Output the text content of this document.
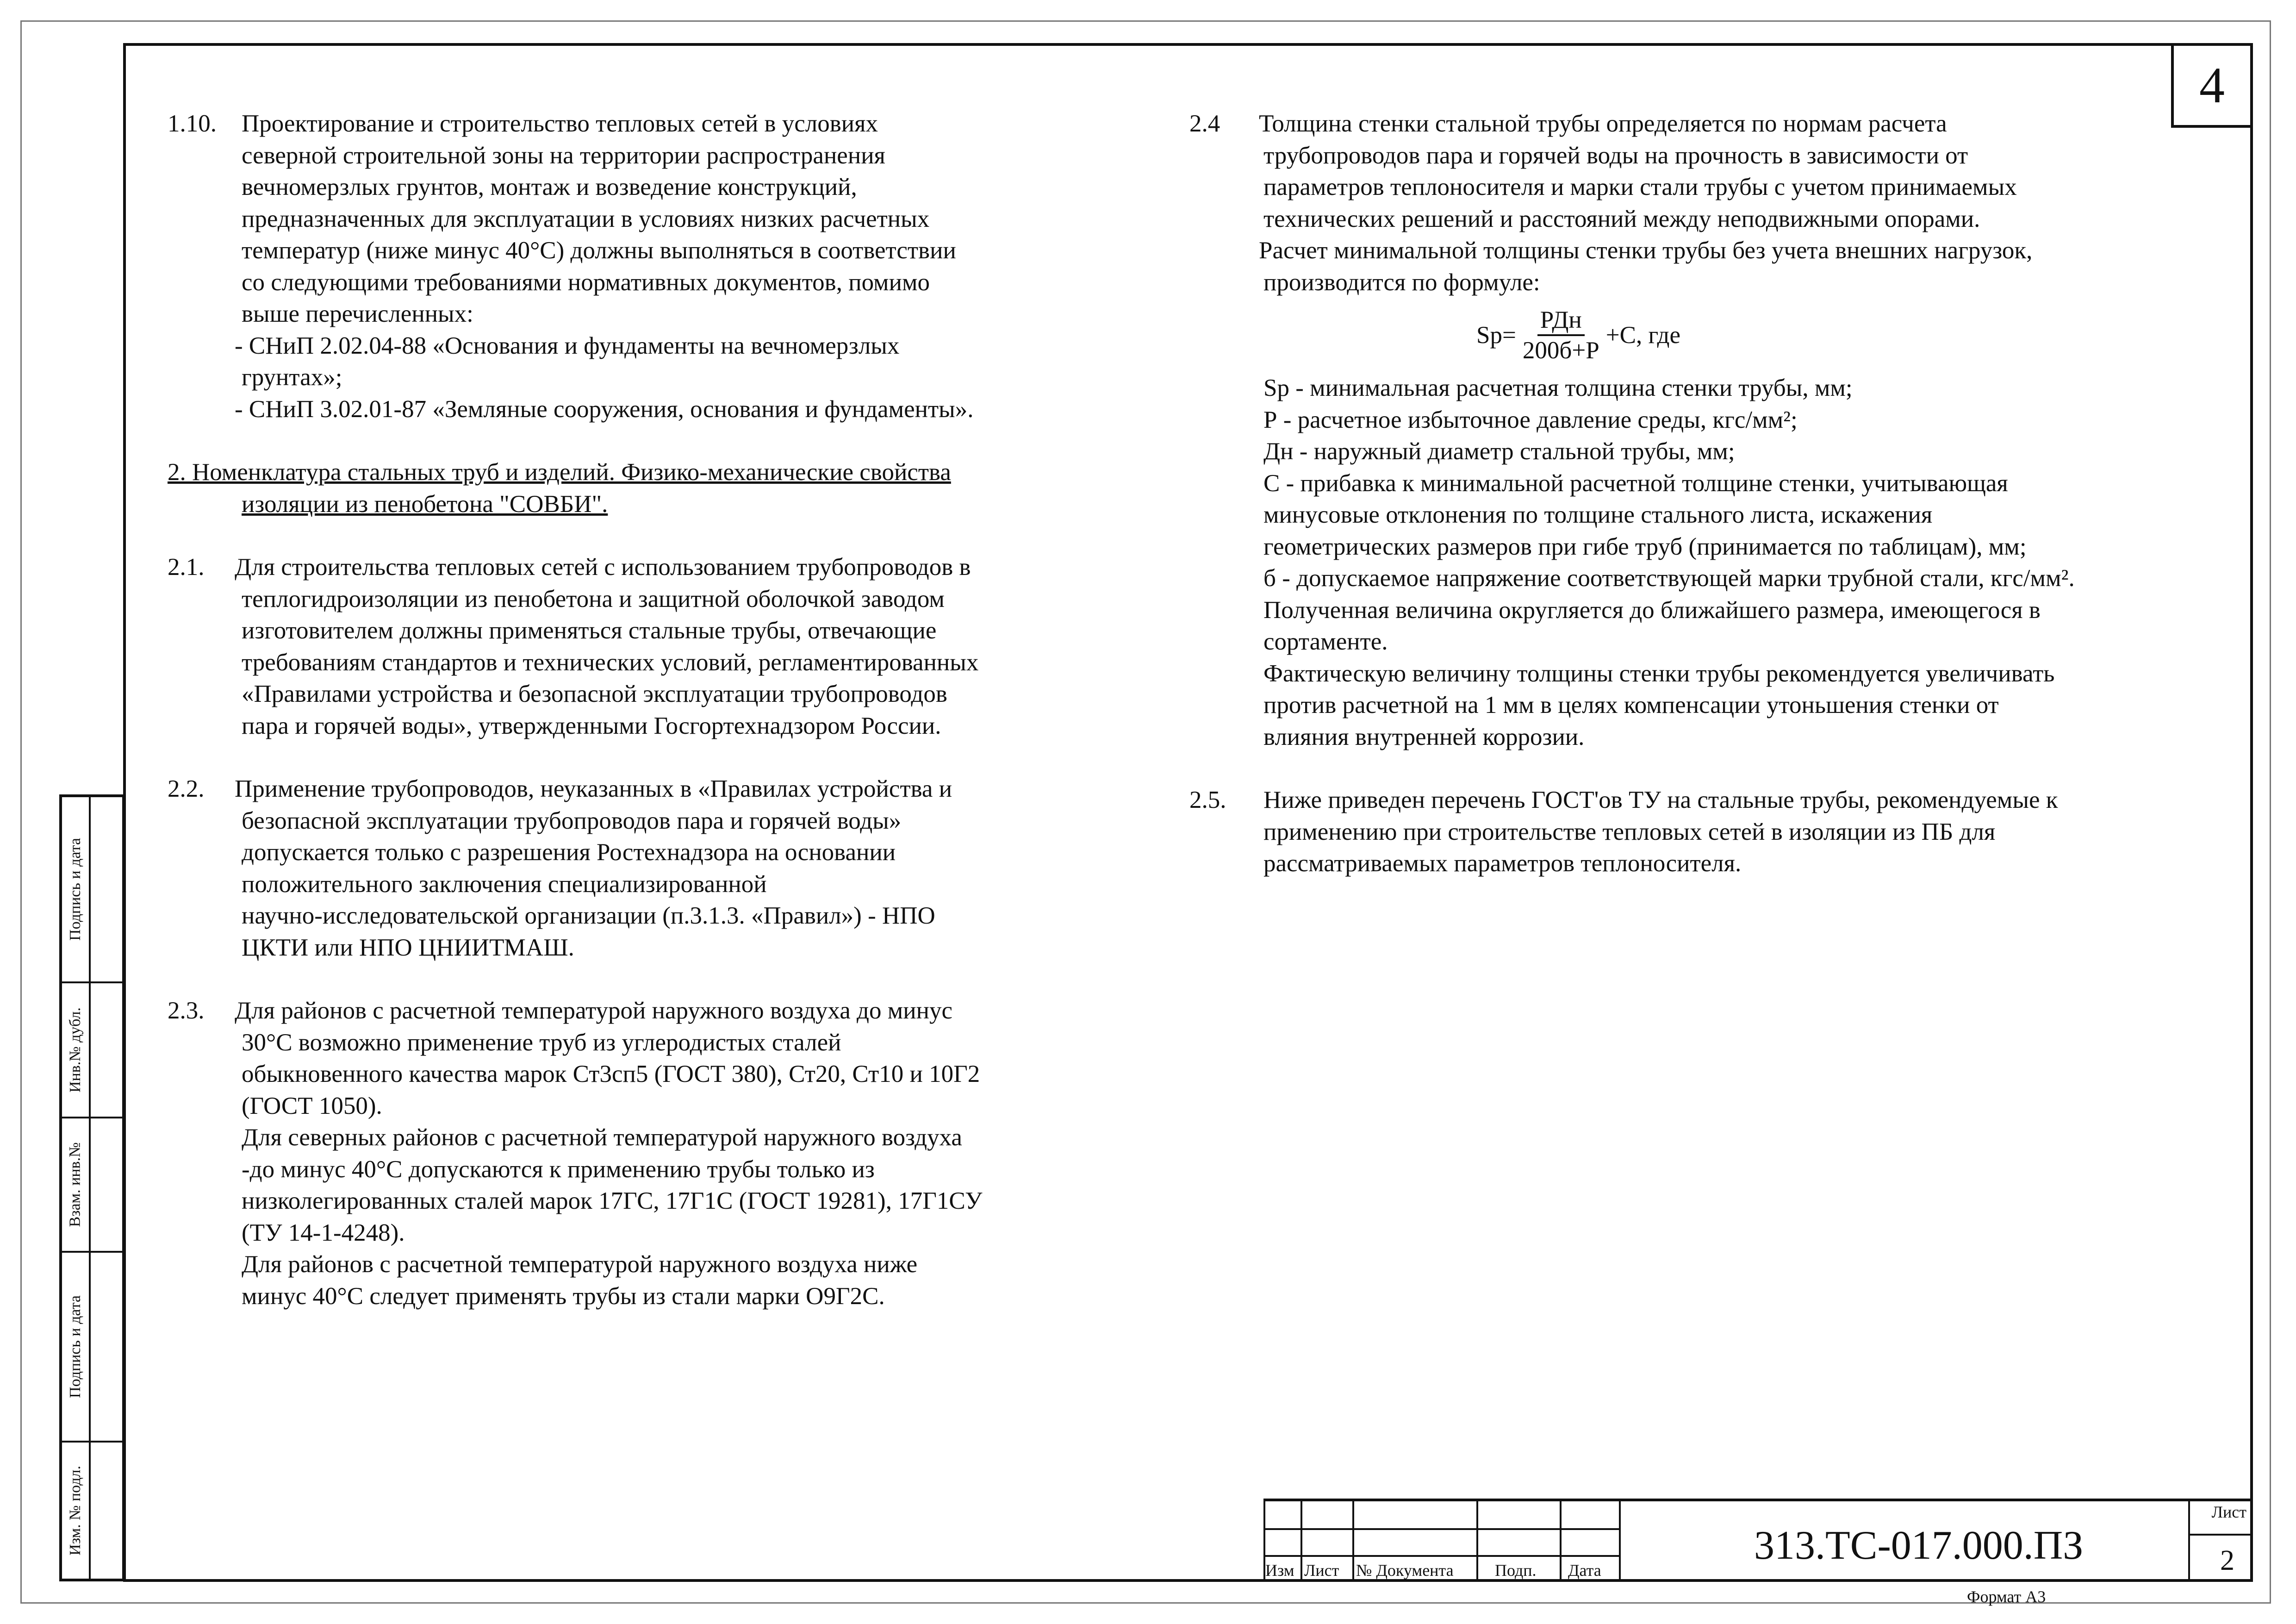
4

1.10. Проектирование и строительство тепловых сетей в условиях

северной строительной зоны на территории распространения

вечномерзлых грунтов, монтаж и возведение конструкций,

предназначенных для эксплуатации в условиях низких расчетных

температур (ниже минус 40°С) должны выполняться в соответствии

со следующими требованиями нормативных документов, помимо

выше перечисленных:

- СНиП 2.02.04-88 «Основания и фундаменты на вечномерзлых

грунтах»;

- СНиП 3.02.01-87 «Земляные сооружения, основания и фундаменты».

2. Номенклатура стальных труб и изделий. Физико-механические свойства

изоляции из пенобетона "СОВБИ".

2.1. Для строительства тепловых сетей с использованием трубопроводов в

теплогидроизоляции из пенобетона и защитной оболочкой заводом

изготовителем должны применяться стальные трубы, отвечающие

требованиям стандартов и технических условий, регламентированных

«Правилами устройства и безопасной эксплуатации трубопроводов

пара и горячей воды», утвержденными Госгортехнадзором России.

2.2. Применение трубопроводов, неуказанных в «Правилах устройства и

безопасной эксплуатации трубопроводов пара и горячей воды»

допускается только с разрешения Ростехнадзора на основании

положительного заключения специализированной

научно-исследовательской организации (п.3.1.3. «Правил») - НПО

ЦКТИ или НПО ЦНИИТМАШ.

2.3. Для районов с расчетной температурой наружного воздуха до минус

30°С возможно применение труб из углеродистых сталей

обыкновенного качества марок Ст3сп5 (ГОСТ 380), Ст20, Ст10 и 10Г2

(ГОСТ 1050).

Для северных районов с расчетной температурой наружного воздуха

-до минус 40°С допускаются к применению трубы только из

низколегированных сталей марок 17ГС, 17Г1С (ГОСТ 19281), 17Г1СУ

(ТУ 14-1-4248).

Для районов с расчетной температурой наружного воздуха ниже

минус 40°С следует применять трубы из стали марки О9Г2С.

2.4 Толщина стенки стальной трубы определяется по нормам расчета

трубопроводов пара и горячей воды на прочность в зависимости от

параметров теплоносителя и марки стали трубы с учетом принимаемых

технических решений и расстояний между неподвижными опорами.

Расчет минимальной толщины стенки трубы без учета внешних нагрузок,

производится по формуле:

$Sp= \frac{\text{РДн}}{200б+Р} +С$, где

Sp - минимальная расчетная толщина стенки трубы, мм;

Р - расчетное избыточное давление среды, кгс/мм²;

Дн - наружный диаметр стальной трубы, мм;

С - прибавка к минимальной расчетной толщине стенки, учитывающая

минусовые отклонения по толщине стального листа, искажения

геометрических размеров при гибе труб (принимается по таблицам), мм;

б - допускаемое напряжение соответствующей марки трубной стали, кгс/мм².

Полученная величина округляется до ближайшего размера, имеющегося в

сортаменте.

Фактическую величину толщины стенки трубы рекомендуется увеличивать

против расчетной на 1 мм в целях компенсации утоньшения стенки от

влияния внутренней коррозии.

2.5. Ниже приведен перечень ГОСТ'ов ТУ на стальные трубы, рекомендуемые к

применению при строительстве тепловых сетей в изоляции из ПБ для

рассматриваемых параметров теплоносителя.

Подпись и дата
Инв.№ дубл.
Взам. инв.№
Подпись и дата
Изм. № подл.
Изм Лист № Документа Подп. Дата
313.ТС-017.000.ПЗ
Лист
2
Формат А3
